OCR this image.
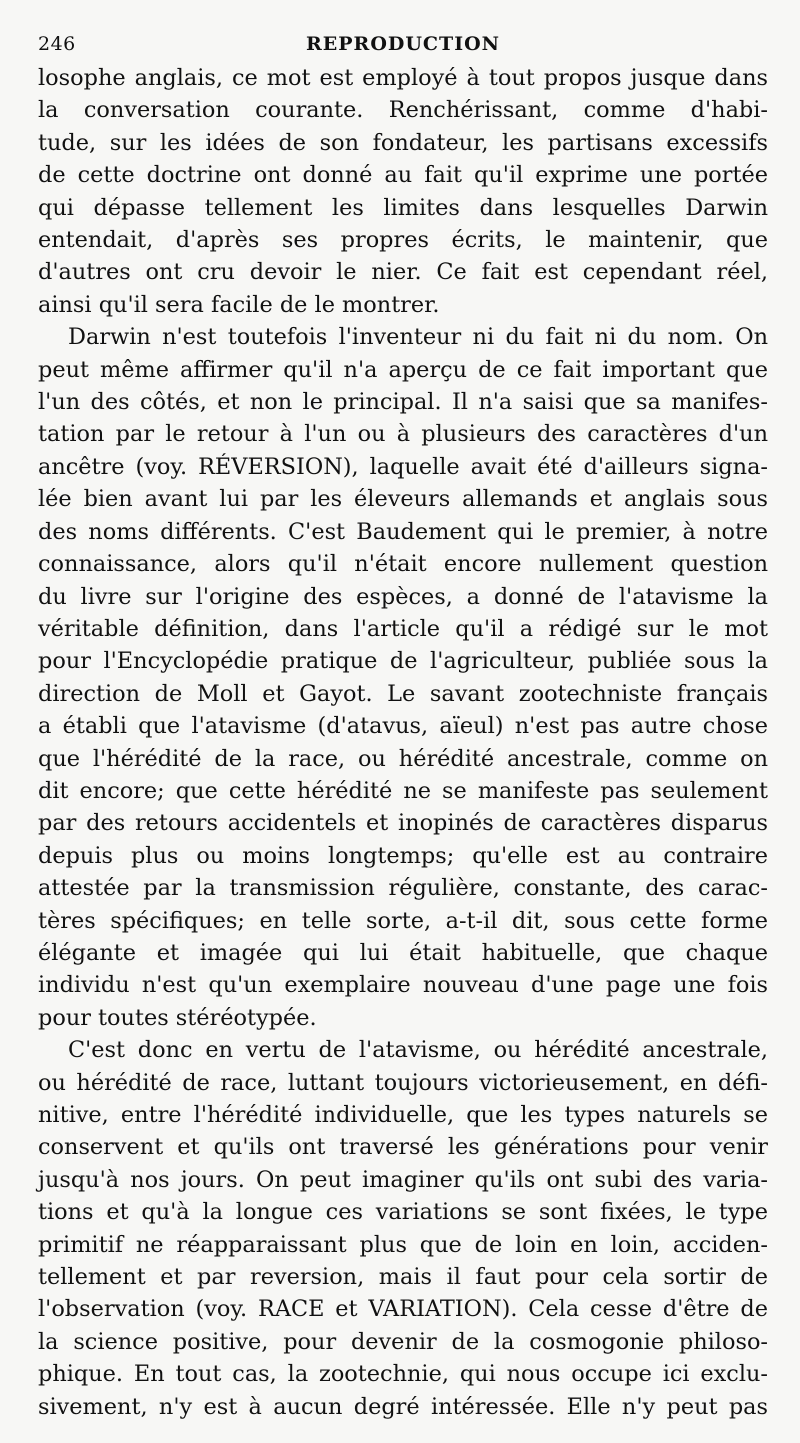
246	REPRODUCTION

losophe anglais, ce mot est employé à tout propos jusque dans
la conversation courante. Renchérissant, comme d'habi-
tude, sur les idées de son fondateur, les partisans excessifs
de cette doctrine ont donné au fait qu'il exprime une portée
qui dépasse tellement les limites dans lesquelles Darwin
entendait, d'après ses propres écrits, le maintenir, que
d'autres ont cru devoir le nier. Ce fait est cependant réel,
ainsi qu'il sera facile de le montrer.

Darwin n'est toutefois l'inventeur ni du fait ni du nom. On
peut même affirmer qu'il n'a aperçu de ce fait important que
l'un des côtés, et non le principal. Il n'a saisi que sa manifes-
tation par le retour à l'un ou à plusieurs des caractères d'un
ancêtre (voy. RÉVERSION), laquelle avait été d'ailleurs signa-
lée bien avant lui par les éleveurs allemands et anglais sous
des noms différents. C'est Baudement qui le premier, à notre
connaissance, alors qu'il n'était encore nullement question
du livre sur l'origine des espèces, a donné de l'atavisme la
véritable définition, dans l'article qu'il a rédigé sur le mot
pour l'Encyclopédie pratique de l'agriculteur, publiée sous la
direction de Moll et Gayot. Le savant zootechniste français
a établi que l'atavisme (d'atavus, aïeul) n'est pas autre chose
que l'hérédité de la race, ou hérédité ancestrale, comme on
dit encore; que cette hérédité ne se manifeste pas seulement
par des retours accidentels et inopinés de caractères disparus
depuis plus ou moins longtemps; qu'elle est au contraire
attestée par la transmission régulière, constante, des carac-
tères spécifiques; en telle sorte, a-t-il dit, sous cette forme
élégante et imagée qui lui était habituelle, que chaque
individu n'est qu'un exemplaire nouveau d'une page une fois
pour toutes stéréotypée.

C'est donc en vertu de l'atavisme, ou hérédité ancestrale,
ou hérédité de race, luttant toujours victorieusement, en défi-
nitive, entre l'hérédité individuelle, que les types naturels se
conservent et qu'ils ont traversé les générations pour venir
jusqu'à nos jours. On peut imaginer qu'ils ont subi des varia-
tions et qu'à la longue ces variations se sont fixées, le type
primitif ne réapparaissant plus que de loin en loin, acciden-
tellement et par reversion, mais il faut pour cela sortir de
l'observation (voy. RACE et VARIATION). Cela cesse d'être de
la science positive, pour devenir de la cosmogonie philoso-
phique. En tout cas, la zootechnie, qui nous occupe ici exclu-
sivement, n'y est à aucun degré intéressée. Elle n'y peut pas
